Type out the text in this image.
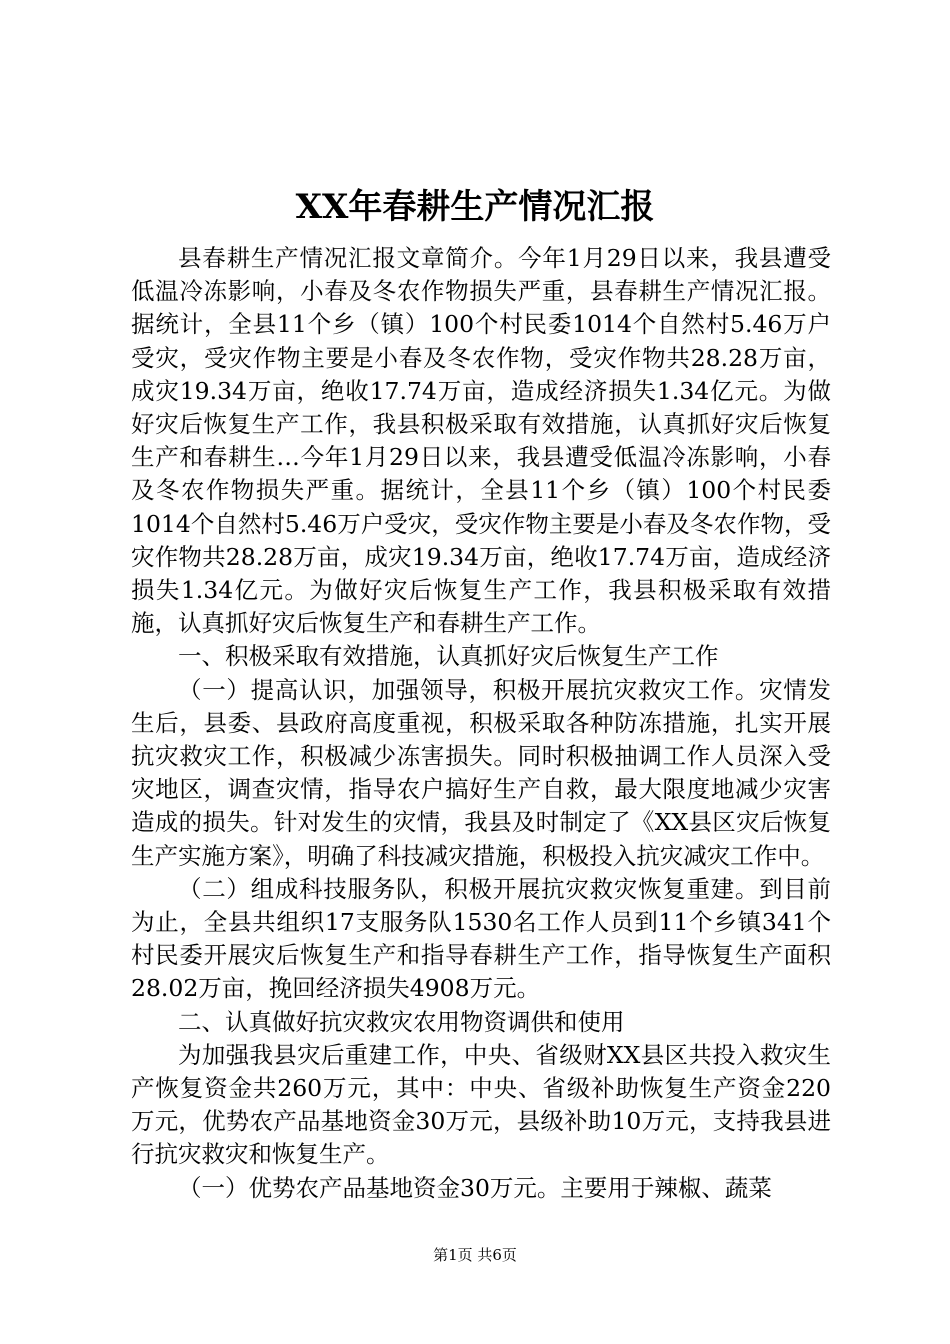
XX年春耕生产情况汇报

县春耕生产情况汇报文章简介。今年1月29日以来，我县遭受低温冷冻影响，小春及冬农作物损失严重，县春耕生产情况汇报。据统计，全县11个乡（镇）100个村民委1014个自然村5.46万户受灾，受灾作物主要是小春及冬农作物，受灾作物共28.28万亩，成灾19.34万亩，绝收17.74万亩，造成经济损失1.34亿元。为做好灾后恢复生产工作，我县积极采取有效措施，认真抓好灾后恢复生产和春耕生…今年1月29日以来，我县遭受低温冷冻影响，小春及冬农作物损失严重。据统计，全县11个乡（镇）100个村民委1014个自然村5.46万户受灾，受灾作物主要是小春及冬农作物，受灾作物共28.28万亩，成灾19.34万亩，绝收17.74万亩，造成经济损失1.34亿元。为做好灾后恢复生产工作，我县积极采取有效措施，认真抓好灾后恢复生产和春耕生产工作。

一、积极采取有效措施，认真抓好灾后恢复生产工作

（一）提高认识，加强领导，积极开展抗灾救灾工作。灾情发生后，县委、县政府高度重视，积极采取各种防冻措施，扎实开展抗灾救灾工作，积极减少冻害损失。同时积极抽调工作人员深入受灾地区，调查灾情，指导农户搞好生产自救，最大限度地减少灾害造成的损失。针对发生的灾情，我县及时制定了《XX县区灾后恢复生产实施方案》，明确了科技减灾措施，积极投入抗灾减灾工作中。

（二）组成科技服务队，积极开展抗灾救灾恢复重建。到目前为止，全县共组织17支服务队1530名工作人员到11个乡镇341个村民委开展灾后恢复生产和指导春耕生产工作，指导恢复生产面积28.02万亩，挽回经济损失4908万元。

二、认真做好抗灾救灾农用物资调供和使用

为加强我县灾后重建工作，中央、省级财XX县区共投入救灾生产恢复资金共260万元，其中：中央、省级补助恢复生产资金220万元，优势农产品基地资金30万元，县级补助10万元，支持我县进行抗灾救灾和恢复生产。

（一）优势农产品基地资金30万元。主要用于辣椒、蔬菜

第1页 共6页
